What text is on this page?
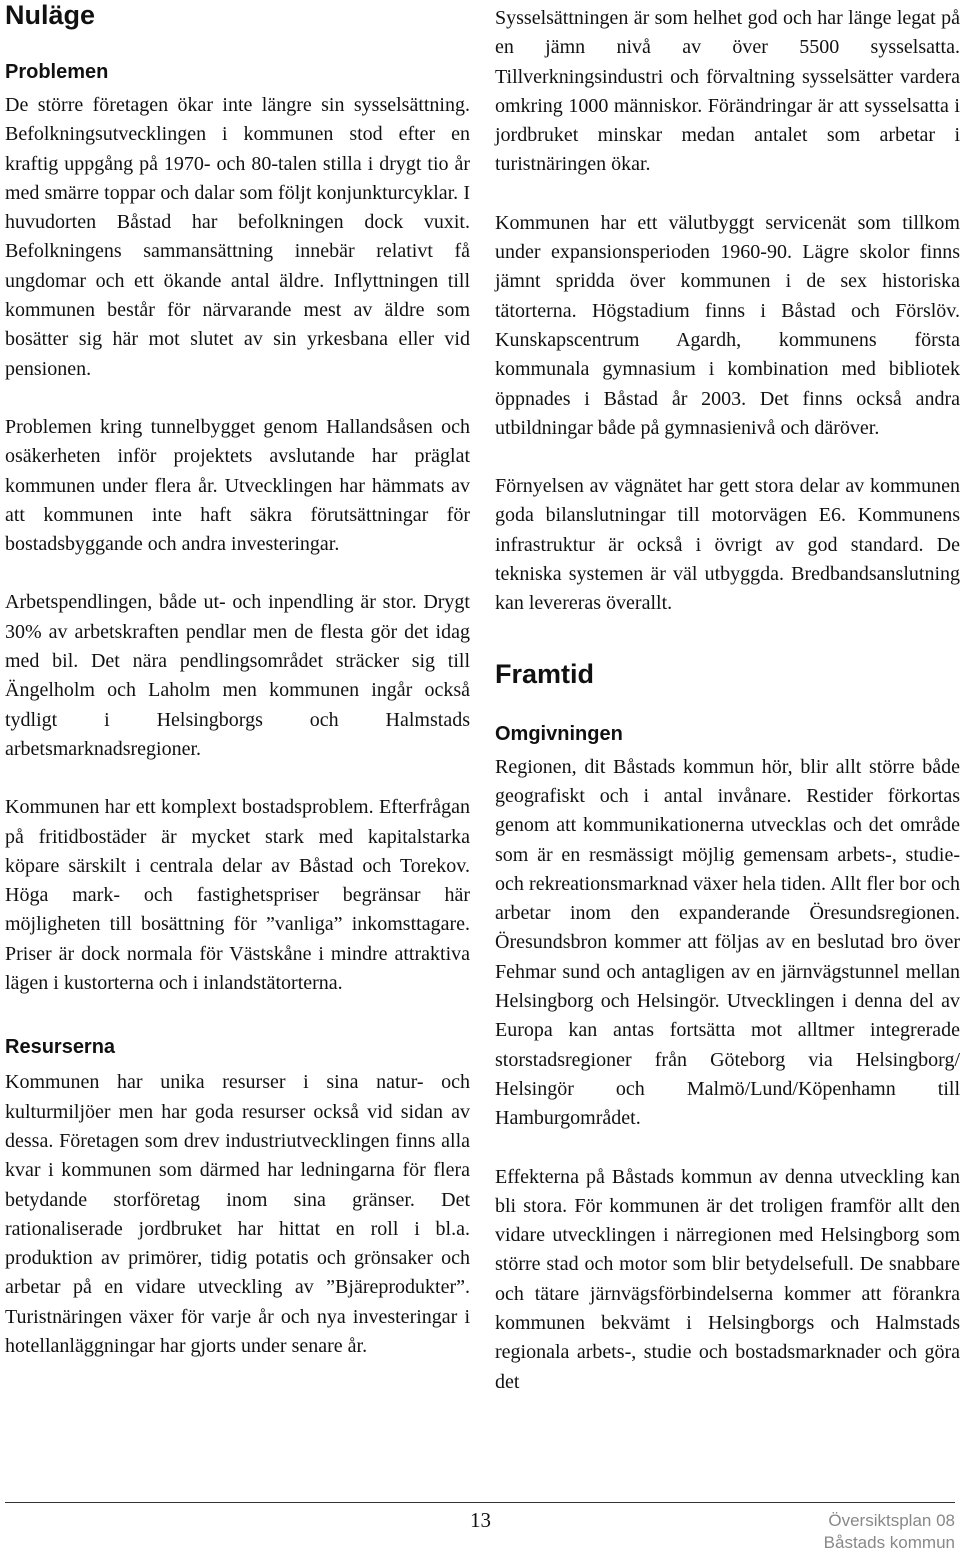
Nuläge
Problemen

De större företagen ökar inte längre sin sysselsättning. Befolkningsutvecklingen i kommunen stod efter en kraftig uppgång på 1970- och 80-talen stilla i drygt tio år med smärre toppar och dalar som följt konjunkturcyklar. I huvudorten Båstad har befolkningen dock vuxit. Befolkningens sammansättning innebär relativt få ungdomar och ett ökande antal äldre. Inflyttningen till kommunen består för närvarande mest av äldre som bosätter sig här mot slutet av sin yrkesbana eller vid pensionen.

Problemen kring tunnelbygget genom Hallandsåsen och osäkerheten inför projektets avslutande har präglat kommunen under flera år. Utvecklingen har hämmats av att kommunen inte haft säkra förutsättningar för bostadsbyggande och andra investeringar.

Arbetspendlingen, både ut- och inpendling är stor. Drygt 30% av arbetskraften pendlar men de flesta gör det idag med bil. Det nära pendlingsområdet sträcker sig till Ängelholm och Laholm men kommunen ingår också tydligt i Helsingborgs och Halmstads arbetsmarknadsregioner.

Kommunen har ett komplext bostadsproblem. Efterfrågan på fritidbostäder är mycket stark med kapitalstarka köpare särskilt i centrala delar av Båstad och Torekov. Höga mark- och fastighetspriser begränsar här möjligheten till bosättning för ”vanliga” inkomsttagare. Priser är dock normala för Västskåne i mindre attraktiva lägen i kustorterna och i inlandstätorterna.

Resurserna

Kommunen har unika resurser i sina natur- och kulturmiljöer men har goda resurser också vid sidan av dessa. Företagen som drev industriutvecklingen finns alla kvar i kommunen som därmed har ledningarna för flera betydande storföretag inom sina gränser. Det rationaliserade jordbruket har hittat en roll i bl.a. produktion av primörer, tidig potatis och grönsaker och arbetar på en vidare utveckling av ”Bjäreprodukter”. Turistnäringen växer för varje år och nya investeringar i hotellanläggningar har gjorts under senare år.

Sysselsättningen är som helhet god och har länge legat på en jämn nivå av över 5500 sysselsatta. Tillverkningsindustri och förvaltning sysselsätter vardera omkring 1000 människor. Förändringar är att sysselsatta i jordbruket minskar medan antalet som arbetar i turistnäringen ökar.

Kommunen har ett välutbyggt servicenät som tillkom under expansionsperioden 1960-90. Lägre skolor finns jämnt spridda över kommunen i de sex historiska tätorterna. Högstadium finns i Båstad och Förslöv. Kunskapscentrum Agardh, kommunens första kommunala gymnasium i kombination med bibliotek öppnades i Båstad år 2003. Det finns också andra utbildningar både på gymnasienivå och däröver.

Förnyelsen av vägnätet har gett stora delar av kommunen goda bilanslutningar till motorvägen E6. Kommunens infrastruktur är också i övrigt av god standard. De tekniska systemen är väl utbyggda. Bredbandsanslutning kan levereras överallt.

Framtid
Omgivningen

Regionen, dit Båstads kommun hör, blir allt större både geografiskt och i antal invånare. Restider förkortas genom att kommunikationerna utvecklas och det område som är en resmässigt möjlig gemensam arbets-, studie- och rekreationsmarknad växer hela tiden. Allt fler bor och arbetar inom den expanderande Öresundsregionen. Öresundsbron kommer att följas av en beslutad bro över Fehmar sund och antagligen av en järnvägstunnel mellan Helsingborg och Helsingör. Utvecklingen i denna del av Europa kan antas fortsätta mot alltmer integrerade storstadsregioner från Göteborg via Helsingborg/ Helsingör och Malmö/Lund/Köpenhamn till Hamburgområdet.

Effekterna på Båstads kommun av denna utveckling kan bli stora. För kommunen är det troligen framför allt den vidare utvecklingen i närregionen med Helsingborg som större stad och motor som blir betydelsefull. De snabbare och tätare järnvägsförbindelserna kommer att förankra kommunen bekvämt i Helsingborgs och Halmstads regionala arbets-, studie och bostadsmarknader och göra det

13	Översiktsplan 08
Båstads kommun
